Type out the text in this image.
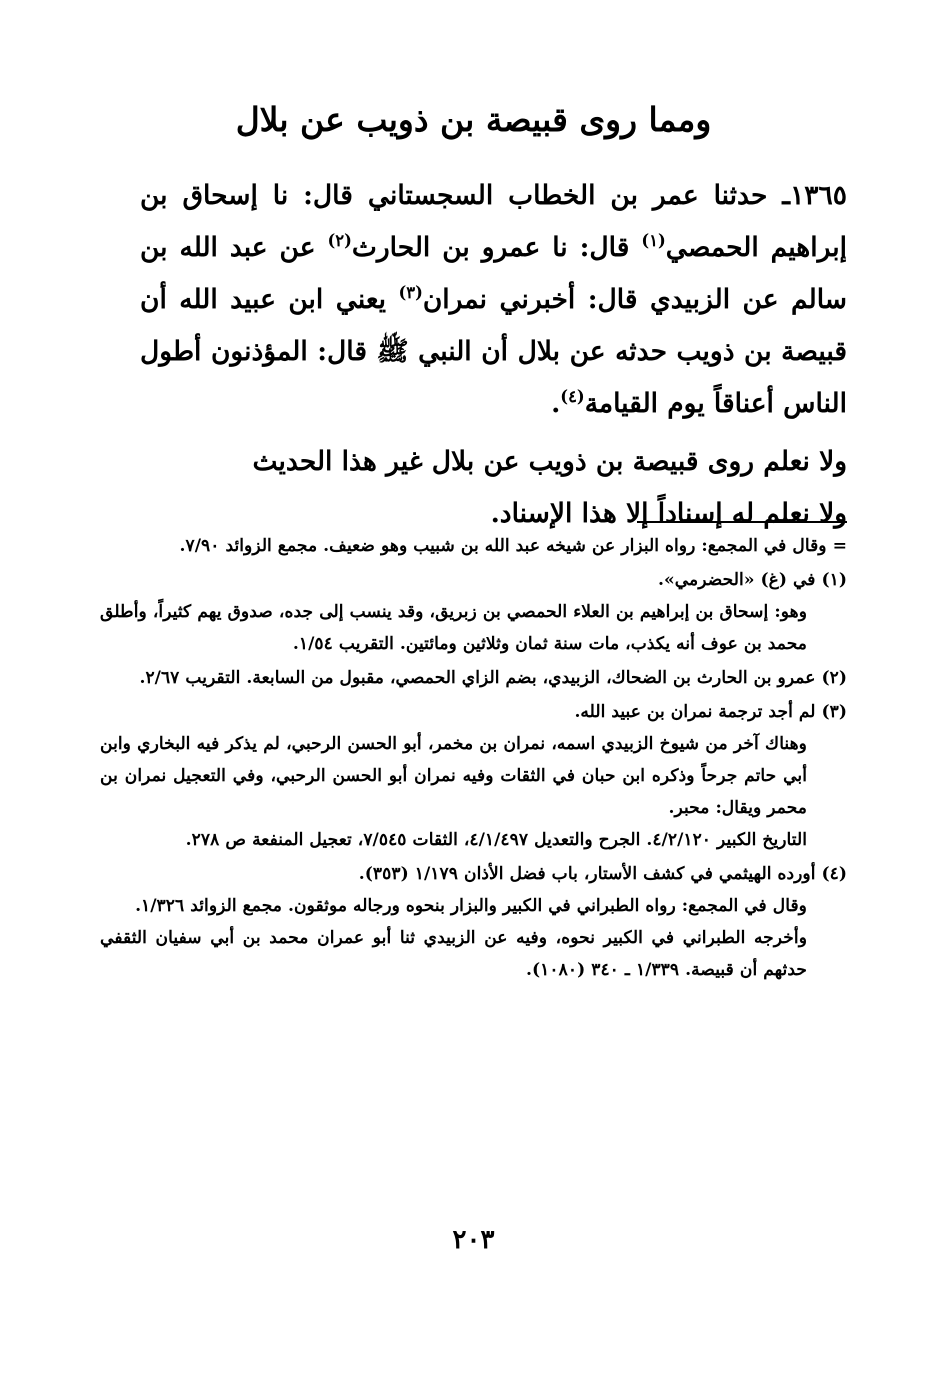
ومما روى قبيصة بن ذويب عن بلال

١٣٦٥ـ حدثنا عمر بن الخطاب السجستاني قال: نا إسحاق بن إبراهيم الحمصي$^{(١)}$ قال: نا عمرو بن الحارث$^{(٢)}$ عن عبد الله بن سالم عن الزبيدي قال: أخبرني نمران$^{(٣)}$ يعني ابن عبيد الله أن قبيصة بن ذويب حدثه عن بلال أن النبي ﷺ قال: المؤذنون أطول الناس أعناقاً يوم القيامة$^{(٤)}$.

ولا نعلم روى قبيصة بن ذويب عن بلال غير هذا الحديث
ولا نعلم له إسناداً إلا هذا الإسناد.

= وقال في المجمع: رواه البزار عن شيخه عبد الله بن شبيب وهو ضعيف. مجمع الزوائد ٧/٩٠.

(١) في (غ) «الحضرمي».

وهو: إسحاق بن إبراهيم بن العلاء الحمصي بن زبريق، وقد ينسب إلى جده، صدوق يهم كثيراً، وأطلق محمد بن عوف أنه يكذب، مات سنة ثمان وثلاثين ومائتين. التقريب ١/٥٤.

(٢) عمرو بن الحارث بن الضحاك، الزبيدي، بضم الزاي الحمصي، مقبول من السابعة. التقريب ٢/٦٧.

(٣) لم أجد ترجمة نمران بن عبيد الله.

وهناك آخر من شيوخ الزبيدي اسمه، نمران بن مخمر، أبو الحسن الرحبي، لم يذكر فيه البخاري وابن أبي حاتم جرحاً وذكره ابن حبان في الثقات وفيه نمران أبو الحسن الرحبي، وفي التعجيل نمران بن محمر ويقال: محبر.

التاريخ الكبير ٤/٢/١٢٠. الجرح والتعديل ٤/١/٤٩٧، الثقات ٧/٥٤٥، تعجيل المنفعة ص ٢٧٨.

(٤) أورده الهيثمي في كشف الأستار، باب فضل الأذان ١/١٧٩ (٣٥٣).

وقال في المجمع: رواه الطبراني في الكبير والبزار بنحوه ورجاله موثقون. مجمع الزوائد ١/٣٢٦.

وأخرجه الطبراني في الكبير نحوه، وفيه عن الزبيدي ثنا أبو عمران محمد بن أبي سفيان الثقفي حدثهم أن قبيصة. ١/٣٣٩ ـ ٣٤٠ (١٠٨٠).

٢٠٣
